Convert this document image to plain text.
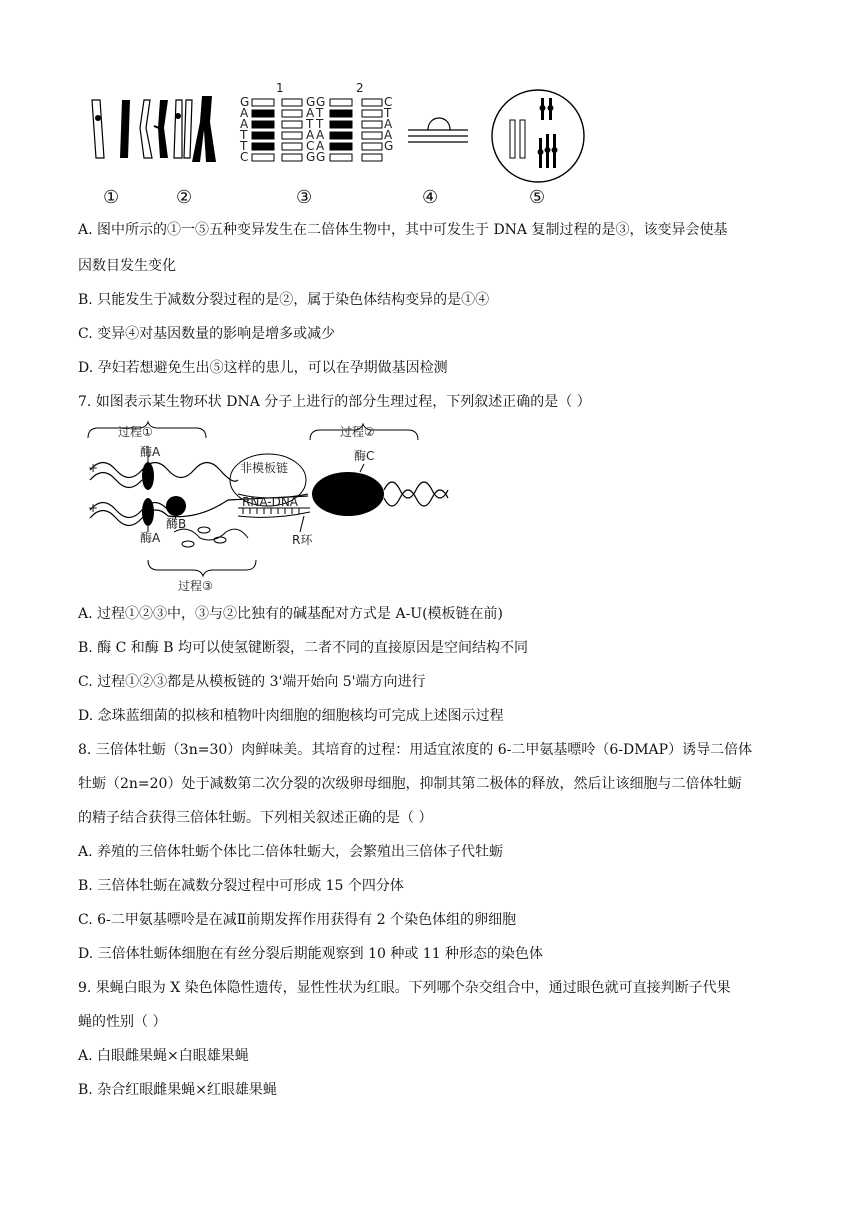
1	2
G	G G	C
A	A T	T
A	T T	A
T	A A	A
T	C A	G
C	G G
①	②	③	④	⑤
A. 图中所示的①一⑤五种变异发生在二倍体生物中，其中可发生于 DNA 复制过程的是③，该变异会使基
因数目发生变化
B. 只能发生于减数分裂过程的是②，属于染色体结构变异的是①④
C. 变异④对基因数量的影响是增多或减少
D. 孕妇若想避免生出⑤这样的患儿，可以在孕期做基因检测
7. 如图表示某生物环状 DNA 分子上进行的部分生理过程，下列叙述正确的是（ ）
+
+
过程①	过程②
过程③
酶A
酶A
酶B
酶C
非模板链
RNA-DNA
R环
A. 过程①②③中，③与②比独有的碱基配对方式是 A-U(模板链在前)
B. 酶 C 和酶 B 均可以使氢键断裂，二者不同的直接原因是空间结构不同
C. 过程①②③都是从模板链的 3'端开始向 5'端方向进行
D. 念珠蓝细菌的拟核和植物叶肉细胞的细胞核均可完成上述图示过程
8. 三倍体牡蛎（3n=30）肉鲜味美。其培育的过程：用适宜浓度的 6-二甲氨基嘌呤（6-DMAP）诱导二倍体
牡蛎（2n=20）处于减数第二次分裂的次级卵母细胞，抑制其第二极体的释放，然后让该细胞与二倍体牡蛎
的精子结合获得三倍体牡蛎。下列相关叙述正确的是（ ）
A. 养殖的三倍体牡蛎个体比二倍体牡蛎大，会繁殖出三倍体子代牡蛎
B. 三倍体牡蛎在减数分裂过程中可形成 15 个四分体
C. 6-二甲氨基嘌呤是在减Ⅱ前期发挥作用获得有 2 个染色体组的卵细胞
D. 三倍体牡蛎体细胞在有丝分裂后期能观察到 10 种或 11 种形态的染色体
9. 果蝇白眼为 X 染色体隐性遗传，显性性状为红眼。下列哪个杂交组合中，通过眼色就可直接判断子代果
蝇的性别（ ）
A. 白眼雌果蝇×白眼雄果蝇
B. 杂合红眼雌果蝇×红眼雄果蝇
